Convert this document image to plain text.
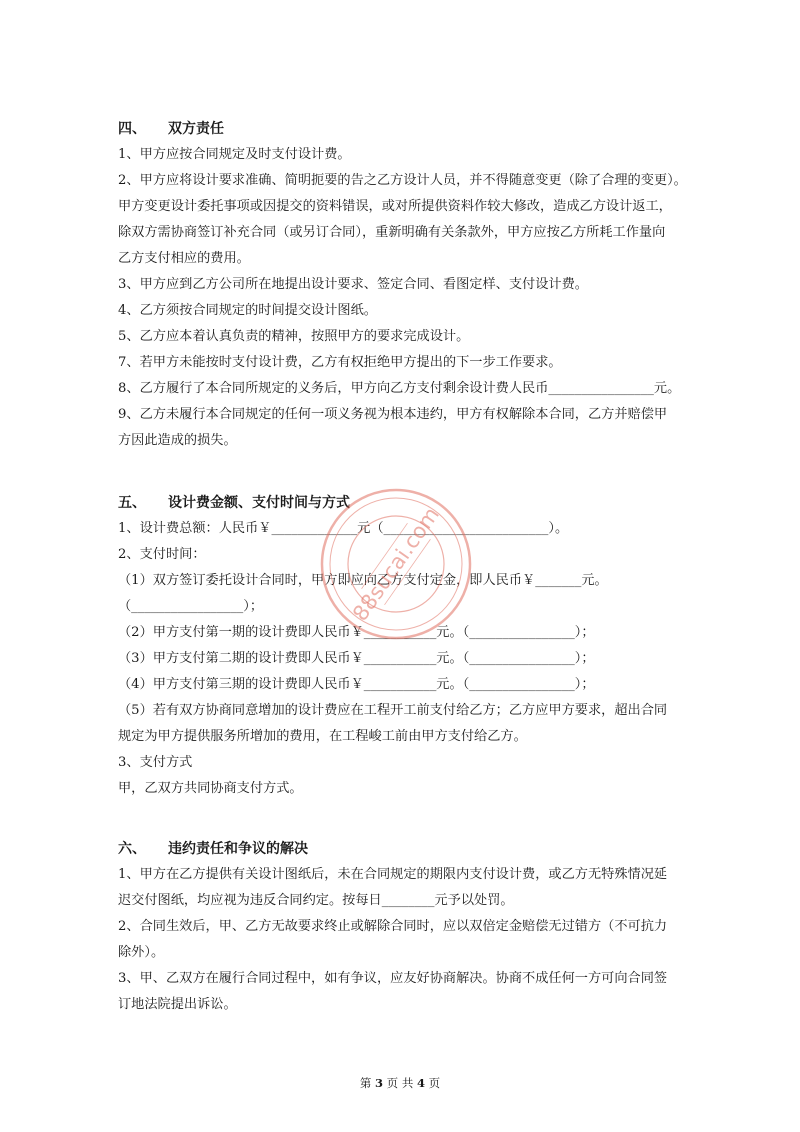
四、 双方责任
1、甲方应按合同规定及时支付设计费。
2、甲方应将设计要求准确、简明扼要的告之乙方设计人员，并不得随意变更（除了合理的变更）。
甲方变更设计委托事项或因提交的资料错误，或对所提供资料作较大修改，造成乙方设计返工，
除双方需协商签订补充合同（或另订合同），重新明确有关条款外，甲方应按乙方所耗工作量向
乙方支付相应的费用。
3、甲方应到乙方公司所在地提出设计要求、签定合同、看图定样、支付设计费。
4、乙方须按合同规定的时间提交设计图纸。
5、乙方应本着认真负责的精神，按照甲方的要求完成设计。
7、若甲方未能按时支付设计费，乙方有权拒绝甲方提出的下一步工作要求。
8、乙方履行了本合同所规定的义务后，甲方向乙方支付剩余设计费人民币________________元。
9、乙方未履行本合同规定的任何一项义务视为根本违约，甲方有权解除本合同，乙方并赔偿甲
方因此造成的损失。
五、 设计费金额、支付时间与方式
1、设计费总额：人民币￥_____________元（_________________________）。
2、支付时间：
（1）双方签订委托设计合同时，甲方即应向乙方支付定金，即人民币￥_______元。
（_________________）；
（2）甲方支付第一期的设计费即人民币￥___________元。（________________）；
（3）甲方支付第二期的设计费即人民币￥___________元。（________________）；
（4）甲方支付第三期的设计费即人民币￥___________元。（________________）；
（5）若有双方协商同意增加的设计费应在工程开工前支付给乙方；乙方应甲方要求，超出合同
规定为甲方提供服务所增加的费用，在工程峻工前由甲方支付给乙方。
3、支付方式
甲，乙双方共同协商支付方式。
六、 违约责任和争议的解决
1、甲方在乙方提供有关设计图纸后，未在合同规定的期限内支付设计费，或乙方无特殊情况延
迟交付图纸，均应视为违反合同约定。按每日________元予以处罚。
2、合同生效后，甲、乙方无故要求终止或解除合同时，应以双倍定金赔偿无过错方（不可抗力
除外）。
3、甲、乙双方在履行合同过程中，如有争议，应友好协商解决。协商不成任何一方可向合同签
订地法院提出诉讼。
88sucai.com
第 3 页 共 4 页
